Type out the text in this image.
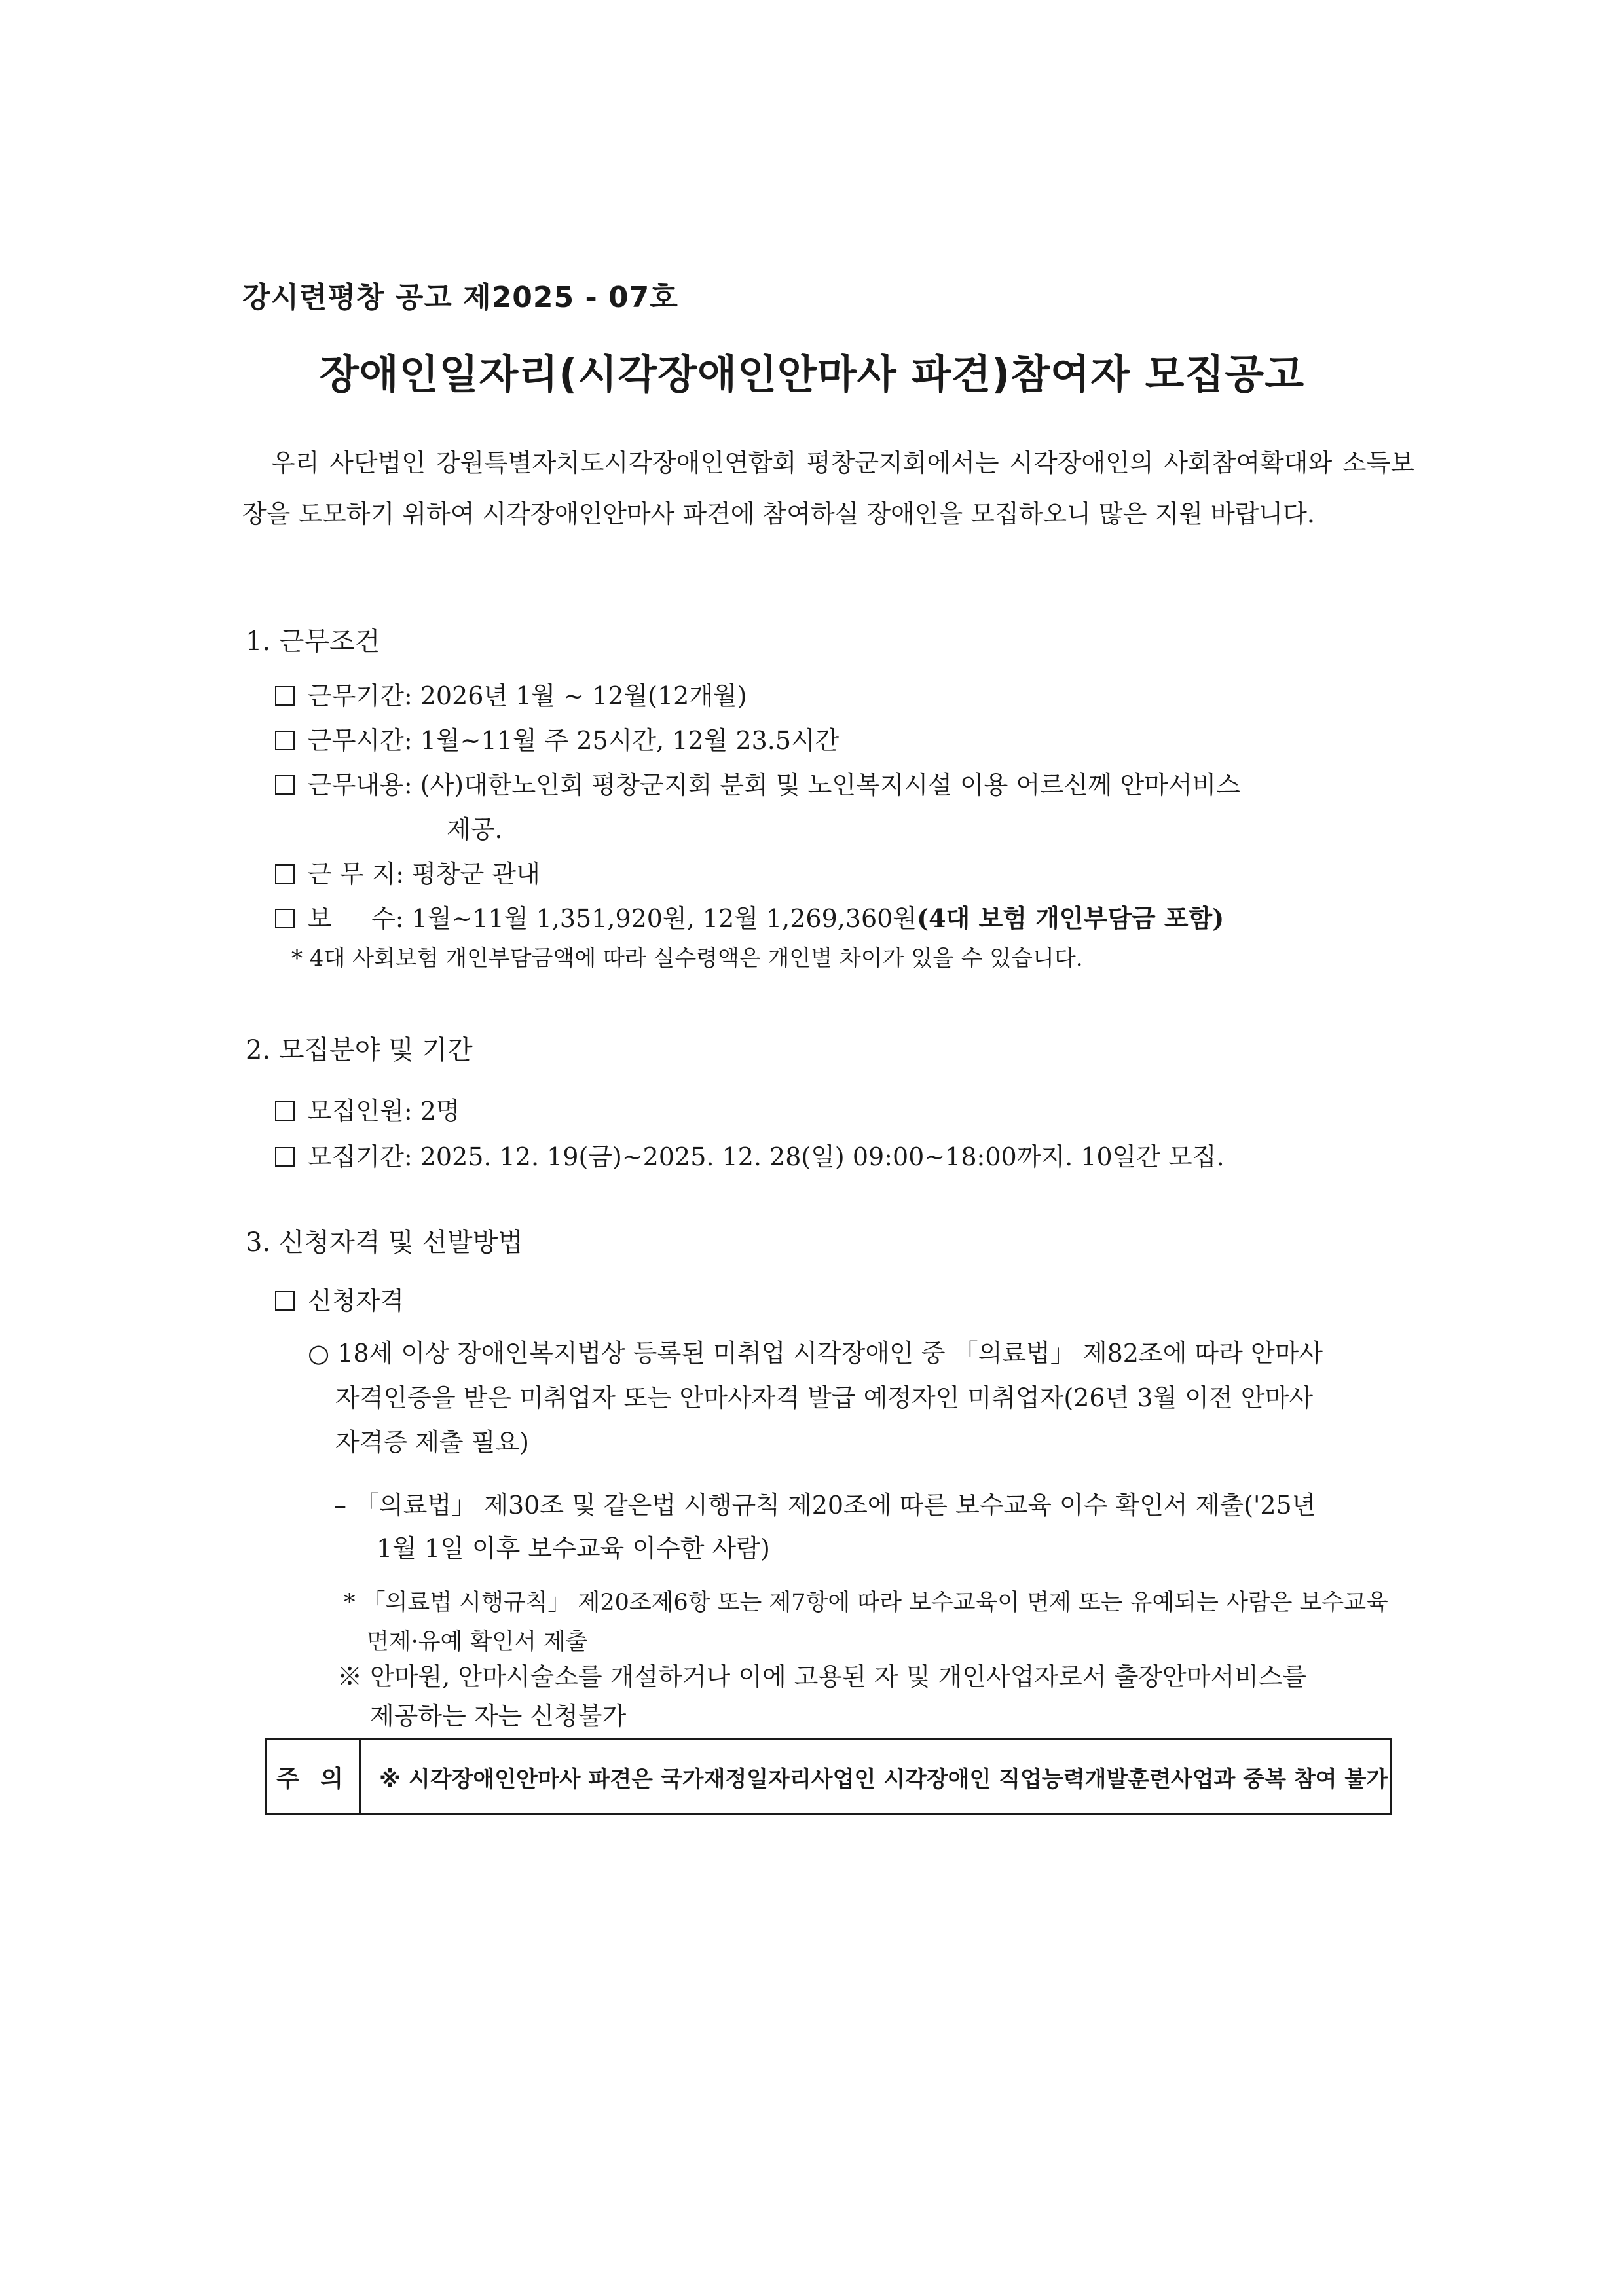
강시련평창 공고 제2025 - 07호
장애인일자리(시각장애인안마사 파견)참여자 모집공고
우리 사단법인 강원특별자치도시각장애인연합회 평창군지회에서는 시각장애인의 사회참여확대와 소득보장을 도모하기 위하여 시각장애인안마사 파견에 참여하실 장애인을 모집하오니 많은 지원 바랍니다.
1. 근무조건
근무기간: 2026년 1월 ~ 12월(12개월)
근무시간: 1월~11월 주 25시간, 12월 23.5시간
근무내용: (사)대한노인회 평창군지회 분회 및 노인복지시설 이용 어르신께 안마서비스
제공.
근 무 지: 평창군 관내
보     수: 1월~11월 1,351,920원, 12월 1,269,360원(4대 보험 개인부담금 포함)
* 4대 사회보험 개인부담금액에 따라 실수령액은 개인별 차이가 있을 수 있습니다.
2. 모집분야 및 기간
모집인원: 2명
모집기간: 2025. 12. 19(금)~2025. 12. 28(일) 09:00~18:00까지. 10일간 모집.
3. 신청자격 및 선발방법
신청자격
○ 18세 이상 장애인복지법상 등록된 미취업 시각장애인 중 「의료법」 제82조에 따라 안마사
자격인증을 받은 미취업자 또는 안마사자격 발급 예정자인 미취업자(26년 3월 이전 안마사
자격증 제출 필요)
– 「의료법」 제30조 및 같은법 시행규칙 제20조에 따른 보수교육 이수 확인서 제출('25년
1월 1일 이후 보수교육 이수한 사람)
* 「의료법 시행규칙」 제20조제6항 또는 제7항에 따라 보수교육이 면제 또는 유예되는 사람은 보수교육
면제·유예 확인서 제출
※ 안마원, 안마시술소를 개설하거나 이에 고용된 자 및 개인사업자로서 출장안마서비스를
제공하는 자는 신청불가
주 의	※ 시각장애인안마사 파견은 국가재정일자리사업인 시각장애인 직업능력개발훈련사업과 중복 참여 불가
